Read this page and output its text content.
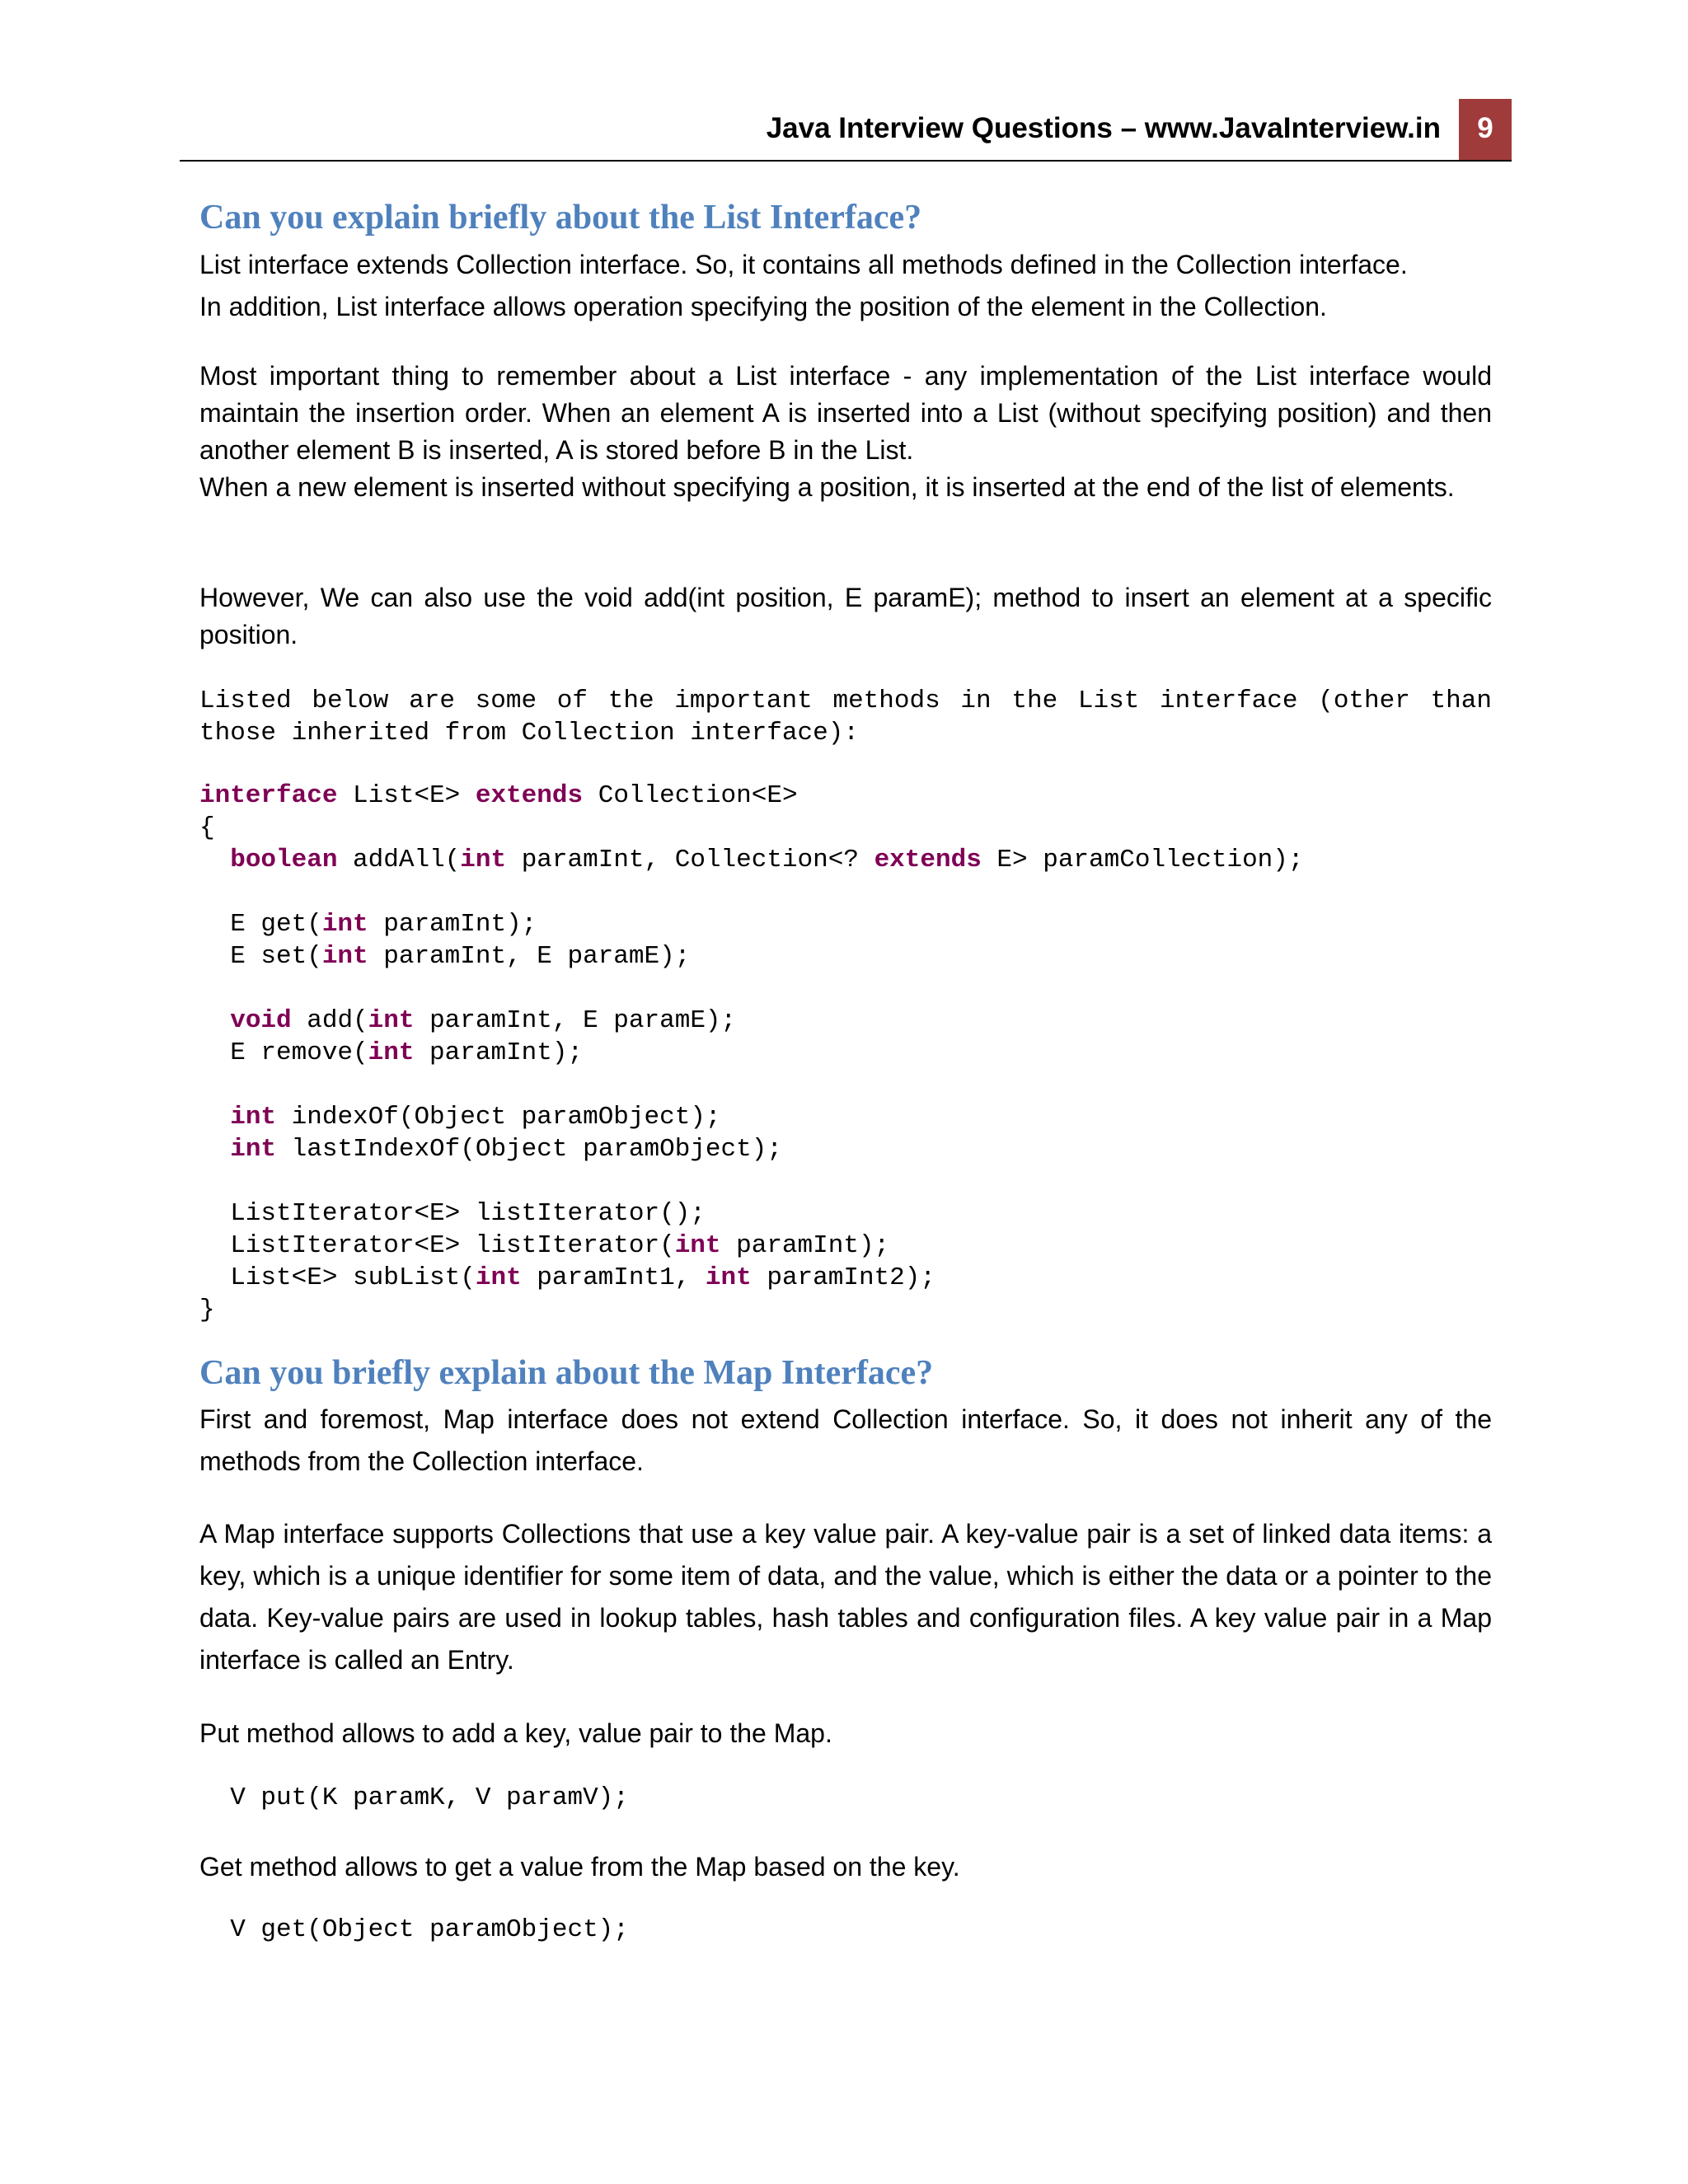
Java Interview Questions – www.JavaInterview.in	9
Can you explain briefly about the List Interface?

List interface extends Collection interface. So, it contains all methods defined in the Collection interface.

In addition, List interface allows operation specifying the position of the element in the Collection.

Most important thing to remember about a List interface - any implementation of the List interface would maintain the insertion order. When an element A is inserted into a List (without specifying position) and then another element B is inserted, A is stored before B in the List.

When a new element is inserted without specifying a position, it is inserted at the end of the list of elements.

However, We can also use the void add(int position, E paramE); method to insert an element at a specific position.

Listed below are some of the important methods in the List interface (other than those inherited from Collection interface):

interface List<E> extends Collection<E>
{
boolean addAll(int paramInt, Collection<? extends E> paramCollection);
E get(int paramInt);
E set(int paramInt, E paramE);
void add(int paramInt, E paramE);
E remove(int paramInt);
int indexOf(Object paramObject);
int lastIndexOf(Object paramObject);
ListIterator<E> listIterator();
ListIterator<E> listIterator(int paramInt);
List<E> subList(int paramInt1, int paramInt2);
}
Can you briefly explain about the Map Interface?

First and foremost, Map interface does not extend Collection interface. So, it does not inherit any of the methods from the Collection interface.

A Map interface supports Collections that use a key value pair. A key-value pair is a set of linked data items: a key, which is a unique identifier for some item of data, and the value, which is either the data or a pointer to the data. Key-value pairs are used in lookup tables, hash tables and configuration files. A key value pair in a Map interface is called an Entry.

Put method allows to add a key, value pair to the Map.

V put(K paramK, V paramV);

Get method allows to get a value from the Map based on the key.

V get(Object paramObject);
